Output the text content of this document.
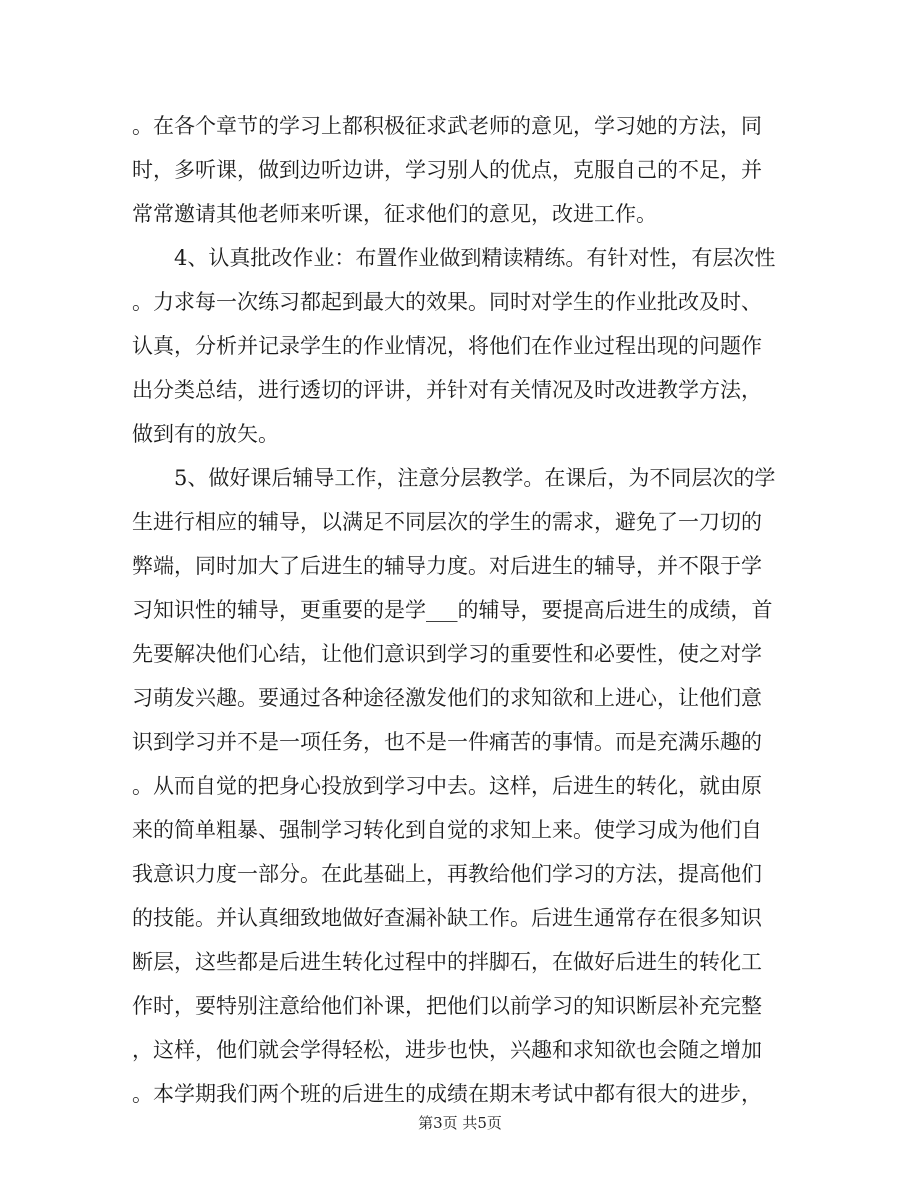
。在各个章节的学习上都积极征求武老师的意见，学习她的方法，同
时，多听课，做到边听边讲，学习别人的优点，克服自己的不足，并
常常邀请其他老师来听课，征求他们的意见，改进工作。
4、认真批改作业：布置作业做到精读精练。有针对性，有层次性
。力求每一次练习都起到最大的效果。同时对学生的作业批改及时、
认真，分析并记录学生的作业情况，将他们在作业过程出现的问题作
出分类总结，进行透切的评讲，并针对有关情况及时改进教学方法，
做到有的放矢。
5、做好课后辅导工作，注意分层教学。在课后，为不同层次的学
生进行相应的辅导，以满足不同层次的学生的需求，避免了一刀切的
弊端，同时加大了后进生的辅导力度。对后进生的辅导，并不限于学
习知识性的辅导，更重要的是学___的辅导，要提高后进生的成绩，首
先要解决他们心结，让他们意识到学习的重要性和必要性，使之对学
习萌发兴趣。要通过各种途径激发他们的求知欲和上进心，让他们意
识到学习并不是一项任务，也不是一件痛苦的事情。而是充满乐趣的
。从而自觉的把身心投放到学习中去。这样，后进生的转化，就由原
来的简单粗暴、强制学习转化到自觉的求知上来。使学习成为他们自
我意识力度一部分。在此基础上，再教给他们学习的方法，提高他们
的技能。并认真细致地做好查漏补缺工作。后进生通常存在很多知识
断层，这些都是后进生转化过程中的拌脚石，在做好后进生的转化工
作时，要特别注意给他们补课，把他们以前学习的知识断层补充完整
，这样，他们就会学得轻松，进步也快，兴趣和求知欲也会随之增加
。本学期我们两个班的后进生的成绩在期末考试中都有很大的进步，
第3页 共5页
